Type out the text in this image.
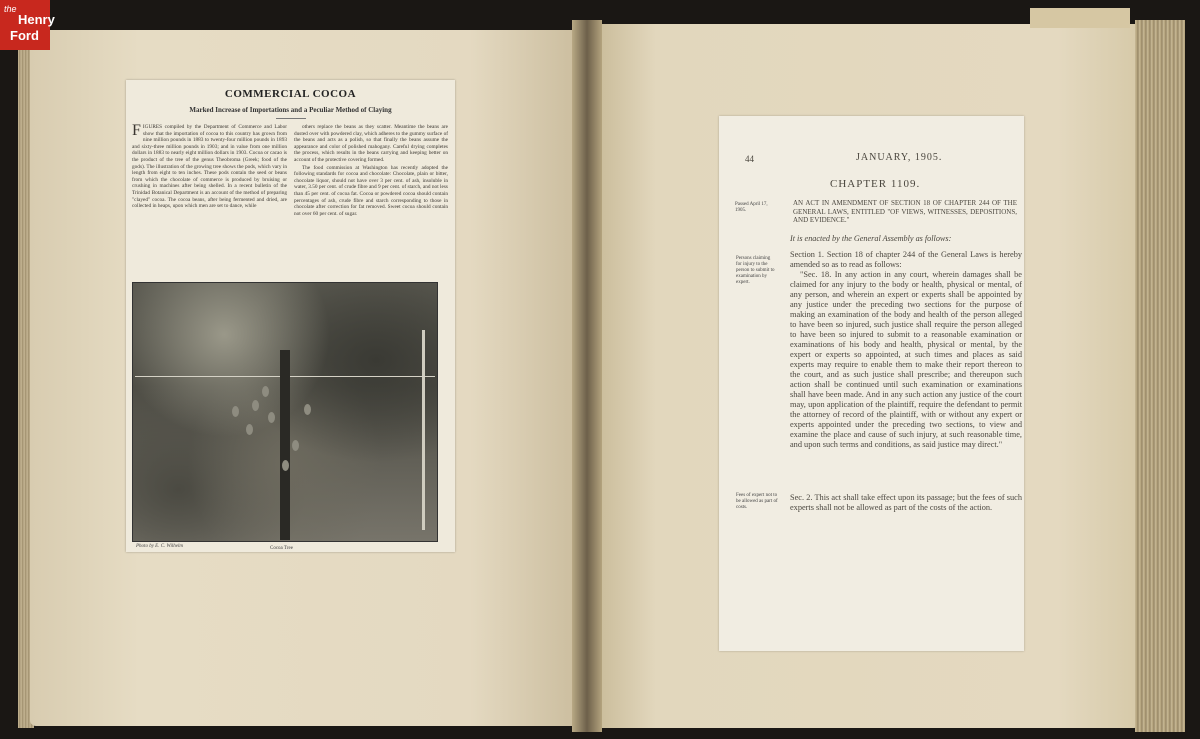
the
Henry
Ford
COMMERCIAL COCOA
Marked Increase of Importations and a Peculiar Method of Claying
FIGURES compiled by the Department of Commerce and Labor show that the importation of cocoa to this country has grown from nine million pounds in 1883 to twenty-four million pounds in 1893 and sixty-three million pounds in 1903; and in value from one million dollars in 1883 to nearly eight million dollars in 1903. Cocoa or cacao is the product of the tree of the genus Theobroma (Greek; food of the gods). The illustration of the growing tree shows the pods, which vary in length from eight to ten inches. These pods contain the seed or beans from which the chocolate of commerce is produced by bruising or crushing in machines after being shelled. In a recent bulletin of the Trinidad Botanical Department is an account of the method of preparing "clayed" cocoa. The cocoa beans, after being fermented and dried, are collected in heaps, upon which men are set to dance, while

others replace the beans as they scatter. Meantime the beans are dusted over with powdered clay, which adheres to the gummy surface of the beans and acts as a polish, so that finally the beans assume the appearance and color of polished mahogany. Careful drying completes the process, which results in the beans carrying and keeping better on account of the protective covering formed.

The food commission at Washington has recently adopted the following standards for cocoa and chocolate: Chocolate, plain or bitter, chocolate liquor, should not have over 3 per cent. of ash, insoluble in water, 3.50 per cent. of crude fibre and 9 per cent. of starch, and not less than 45 per cent. of cocoa fat. Cocoa or powdered cocoa should contain percentages of ash, crude fibre and starch corresponding to those in chocolate after correction for fat removed. Sweet cocoa should contain not over 60 per cent. of sugar.

Photo by E. C. Wilhelm	Cocoa Tree
44	JANUARY, 1905.
CHAPTER 1109.
Passed April 17, 1905.
AN ACT IN AMENDMENT OF SECTION 18 OF CHAPTER 244 OF THE GENERAL LAWS, ENTITLED "OF VIEWS, WITNESSES, DEPOSITIONS, AND EVIDENCE."
It is enacted by the General Assembly as follows:
Persons claiming for injury to the person to submit to examination by expert.

Section 1. Section 18 of chapter 244 of the General Laws is hereby amended so as to read as follows:

"Sec. 18. In any action in any court, wherein damages shall be claimed for any injury to the body or health, physical or mental, of any person, and wherein an expert or experts shall be appointed by any justice under the preceding two sections for the purpose of making an examination of the body and health of the person alleged to have been so injured, such justice shall require the person alleged to have been so injured to submit to a reasonable examination or examinations of his body and health, physical or mental, by the expert or experts so appointed, at such times and places as said experts may require to enable them to make their report thereon to the court, and as such justice shall prescribe; and thereupon such action shall be continued until such examination or examinations shall have been made. And in any such action any justice of the court may, upon application of the plaintiff, require the defendant to permit the attorney of record of the plaintiff, with or without any expert or experts appointed under the preceding two sections, to view and examine the place and cause of such injury, at such reasonable time, and upon such terms and conditions, as said justice may direct."

Fees of expert not to be allowed as part of costs.
Sec. 2. This act shall take effect upon its passage; but the fees of such experts shall not be allowed as part of the costs of the action.
